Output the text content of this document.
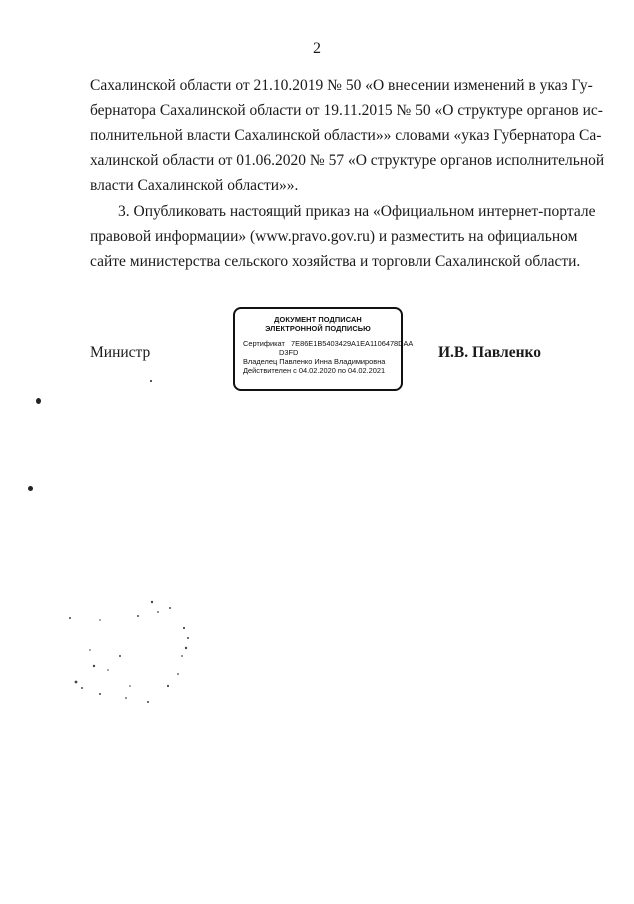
2
Сахалинской области от 21.10.2019 № 50 «О внесении изменений в указ Гу-
бернатора Сахалинской области от 19.11.2015 № 50 «О структуре органов ис-
полнительной власти Сахалинской области»» словами «указ Губернатора Са-
халинской области от 01.06.2020 № 57 «О структуре органов исполнительной
власти Сахалинской области»».
3. Опубликовать настоящий приказ на «Официальном интернет-портале
правовой информации» (www.pravo.gov.ru) и разместить на официальном
сайте министерства сельского хозяйства и торговли Сахалинской области.
Министр	И.В. Павленко
ДОКУМЕНТ ПОДПИСАН
ЭЛЕКТРОННОЙ ПОДПИСЬЮ
Сертификат 7E86E1B5403429A1EA1106478DAA
D3FD
Владелец Павленко Инна Владимировна
Действителен с 04.02.2020 по 04.02.2021
